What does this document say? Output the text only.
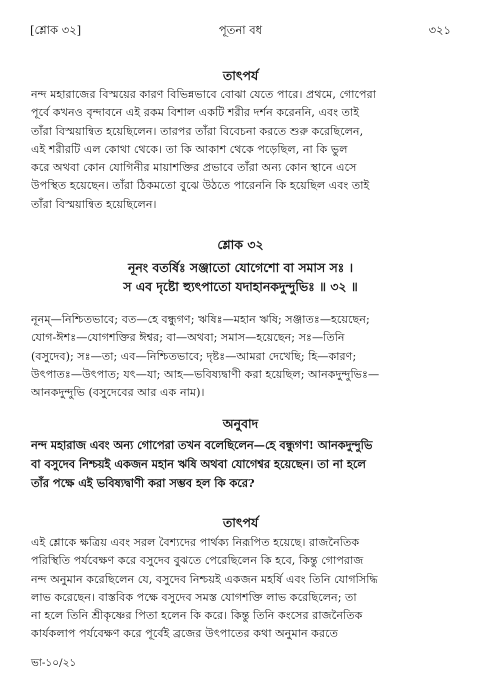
[শ্লোক ৩২]	পূতনা বধ	৩২১
তাৎপর্য
নন্দ মহারাজের বিস্ময়ের কারণ বিভিন্নভাবে বোঝা যেতে পারে। প্রথমে, গোপেরা
পূর্বে কখনও বৃন্দাবনে এই রকম বিশাল একটি শরীর দর্শন করেননি, এবং তাই
তাঁরা বিস্ময়ান্বিত হয়েছিলেন। তারপর তাঁরা বিবেচনা করতে শুরু করেছিলেন,
এই শরীরটি এল কোথা থেকে। তা কি আকাশ থেকে পড়েছিল, না কি ভুল
করে অথবা কোন যোগিনীর মায়াশক্তির প্রভাবে তাঁরা অন্য কোন স্থানে এসে
উপস্থিত হয়েছেন। তাঁরা ঠিকমতো বুঝে উঠতে পারেননি কি হয়েছিল এবং তাই
তাঁরা বিস্ময়ান্বিত হয়েছিলেন।
শ্লোক ৩২
নূনং বতর্ষিঃ সঞ্জাতো যোগেশো বা সমাস সঃ ।
স এব দৃষ্টো হ্যুৎপাতো যদাহানকদুন্দুভিঃ ॥ ৩২ ॥
নূনম্—নিশ্চিতভাবে; বত—হে বন্ধুগণ; ঋষিঃ—মহান ঋষি; সঞ্জাতঃ—হয়েছেন;
যোগ-ঈশঃ—যোগশক্তির ঈশ্বর; বা—অথবা; সমাস—হয়েছেন; সঃ—তিনি
(বসুদেব); সঃ—তা; এব—নিশ্চিতভাবে; দৃষ্টঃ—আমরা দেখেছি; হি—কারণ;
উৎপাতঃ—উৎপাত; যৎ—যা; আহ—ভবিষ্যদ্বাণী করা হয়েছিল; আনকদুন্দুভিঃ—
আনকদুন্দুভি (বসুদেবের আর এক নাম)।
অনুবাদ
নন্দ মহারাজ এবং অন্য গোপেরা তখন বলেছিলেন—হে বন্ধুগণ! আনকদুন্দুভি
বা বসুদেব নিশ্চয়ই একজন মহান ঋষি অথবা যোগেশ্বর হয়েছেন। তা না হলে
তাঁর পক্ষে এই ভবিষ্যদ্বাণী করা সম্ভব হল কি করে?
তাৎপর্য
এই শ্লোকে ক্ষত্রিয় এবং সরল বৈশ্যদের পার্থক্য নিরূপিত হয়েছে। রাজনৈতিক
পরিস্থিতি পর্যবেক্ষণ করে বসুদেব বুঝতে পেরেছিলেন কি হবে, কিন্তু গোপরাজ
নন্দ অনুমান করেছিলেন যে, বসুদেব নিশ্চয়ই একজন মহর্ষি এবং তিনি যোগসিদ্ধি
লাভ করেছেন। বাস্তবিক পক্ষে বসুদেব সমস্ত যোগশক্তি লাভ করেছিলেন; তা
না হলে তিনি শ্রীকৃষ্ণের পিতা হলেন কি করে। কিন্তু তিনি কংসের রাজনৈতিক
কার্যকলাপ পর্যবেক্ষণ করে পূর্বেই ব্রজের উৎপাতের কথা অনুমান করতে
ভা-১০/২১
